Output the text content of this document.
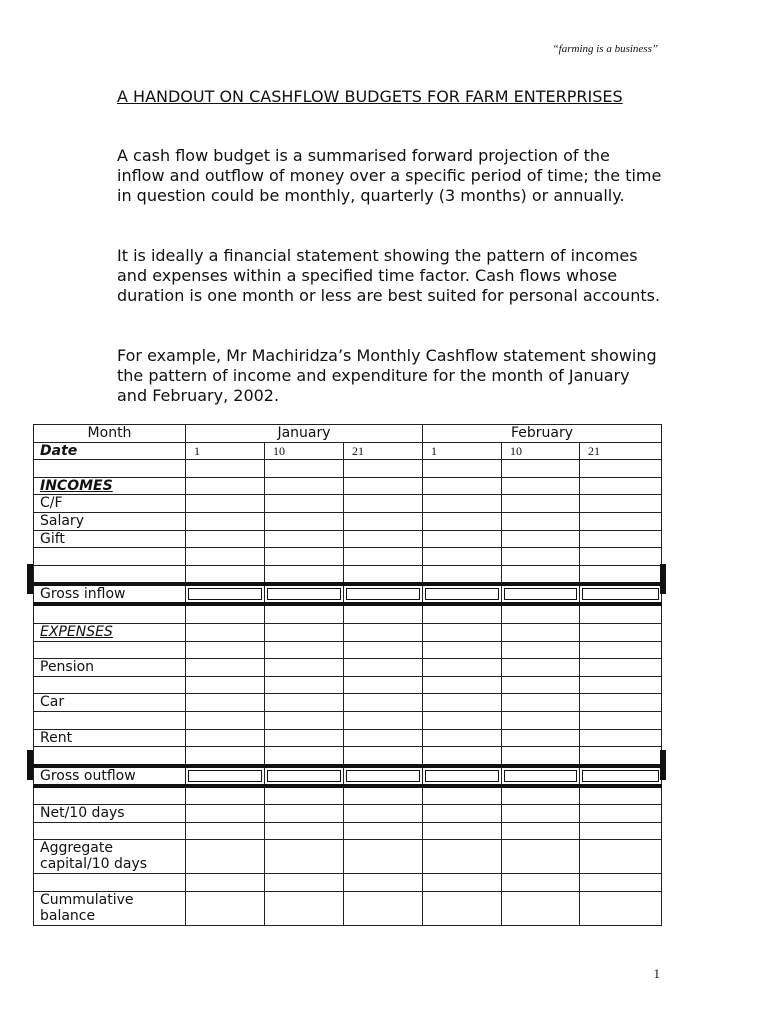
“farming is a business”
A HANDOUT ON CASHFLOW BUDGETS FOR FARM ENTERPRISES

A cash flow budget is a summarised forward projection of the inflow and outflow of money over a specific period of time; the time in question could be monthly, quarterly (3 months) or annually.

It is ideally a financial statement showing the pattern of incomes and expenses within a specified time factor. Cash flows whose duration is one month or less are best suited for personal accounts.

For example, Mr Machiridza’s Monthly Cashflow statement showing the pattern of income and expenditure for the month of January and February, 2002.

Month	January			February		
Date	1	10	21	1	10	21

INCOMES						
C/F						
Salary						
Gift						

Gross inflow						

EXPENSES						

Pension						

Car						

Rent						

Gross outflow						

Net/10 days						

Aggregate capital/10 days						

Cummulative balance						
1
